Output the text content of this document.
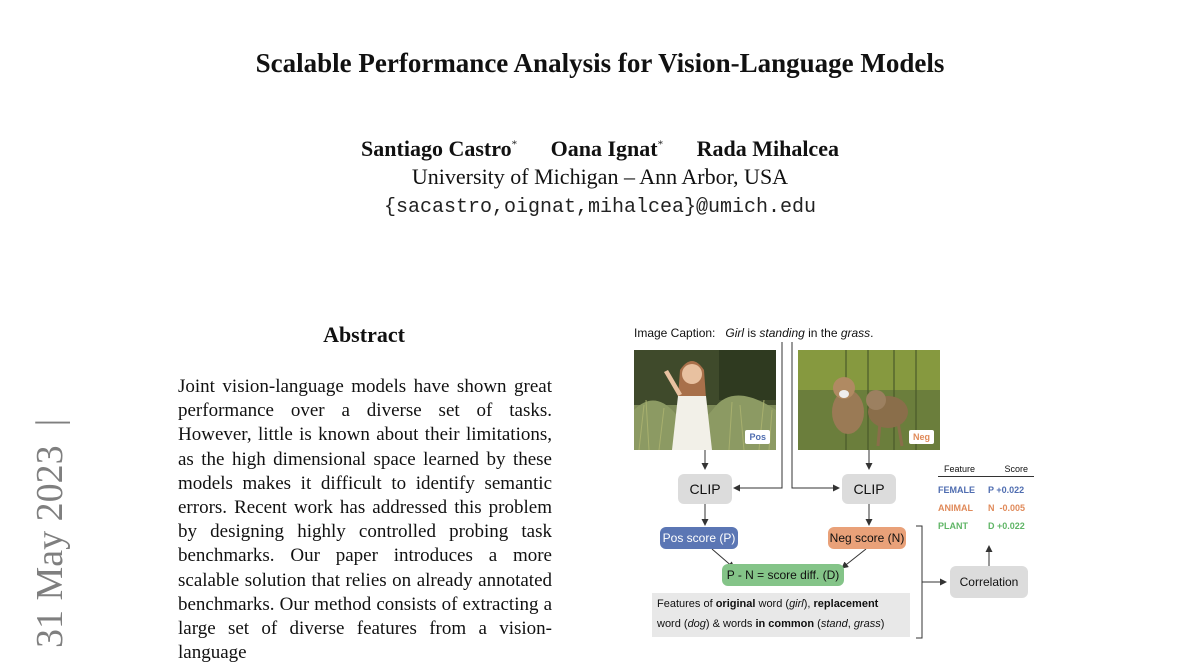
Scalable Performance Analysis for Vision-Language Models
Santiago Castro* Oana Ignat* Rada Mihalcea
University of Michigan – Ann Arbor, USA
{sacastro,oignat,mihalcea}@umich.edu
31 May 2023  |
Abstract
Joint vision-language models have shown great performance over a diverse set of tasks. However, little is known about their limitations, as the high dimensional space learned by these models makes it difficult to identify semantic errors. Recent work has addressed this problem by designing highly controlled probing task benchmarks. Our paper introduces a more scalable solution that relies on already annotated benchmarks. Our method consists of extracting a large set of diverse features from a vision-language
Image Caption: Girl is standing in the grass.
Pos	Neg
CLIP	CLIP
Pos score (P)	Neg score (N)
P - N = score diff. (D)
Features of original word (girl), replacement word (dog) & words in common (stand, grass)
Correlation
Feature	Score
FEMALE	P +0.022
ANIMAL	N  -0.005
PLANT	D +0.022
